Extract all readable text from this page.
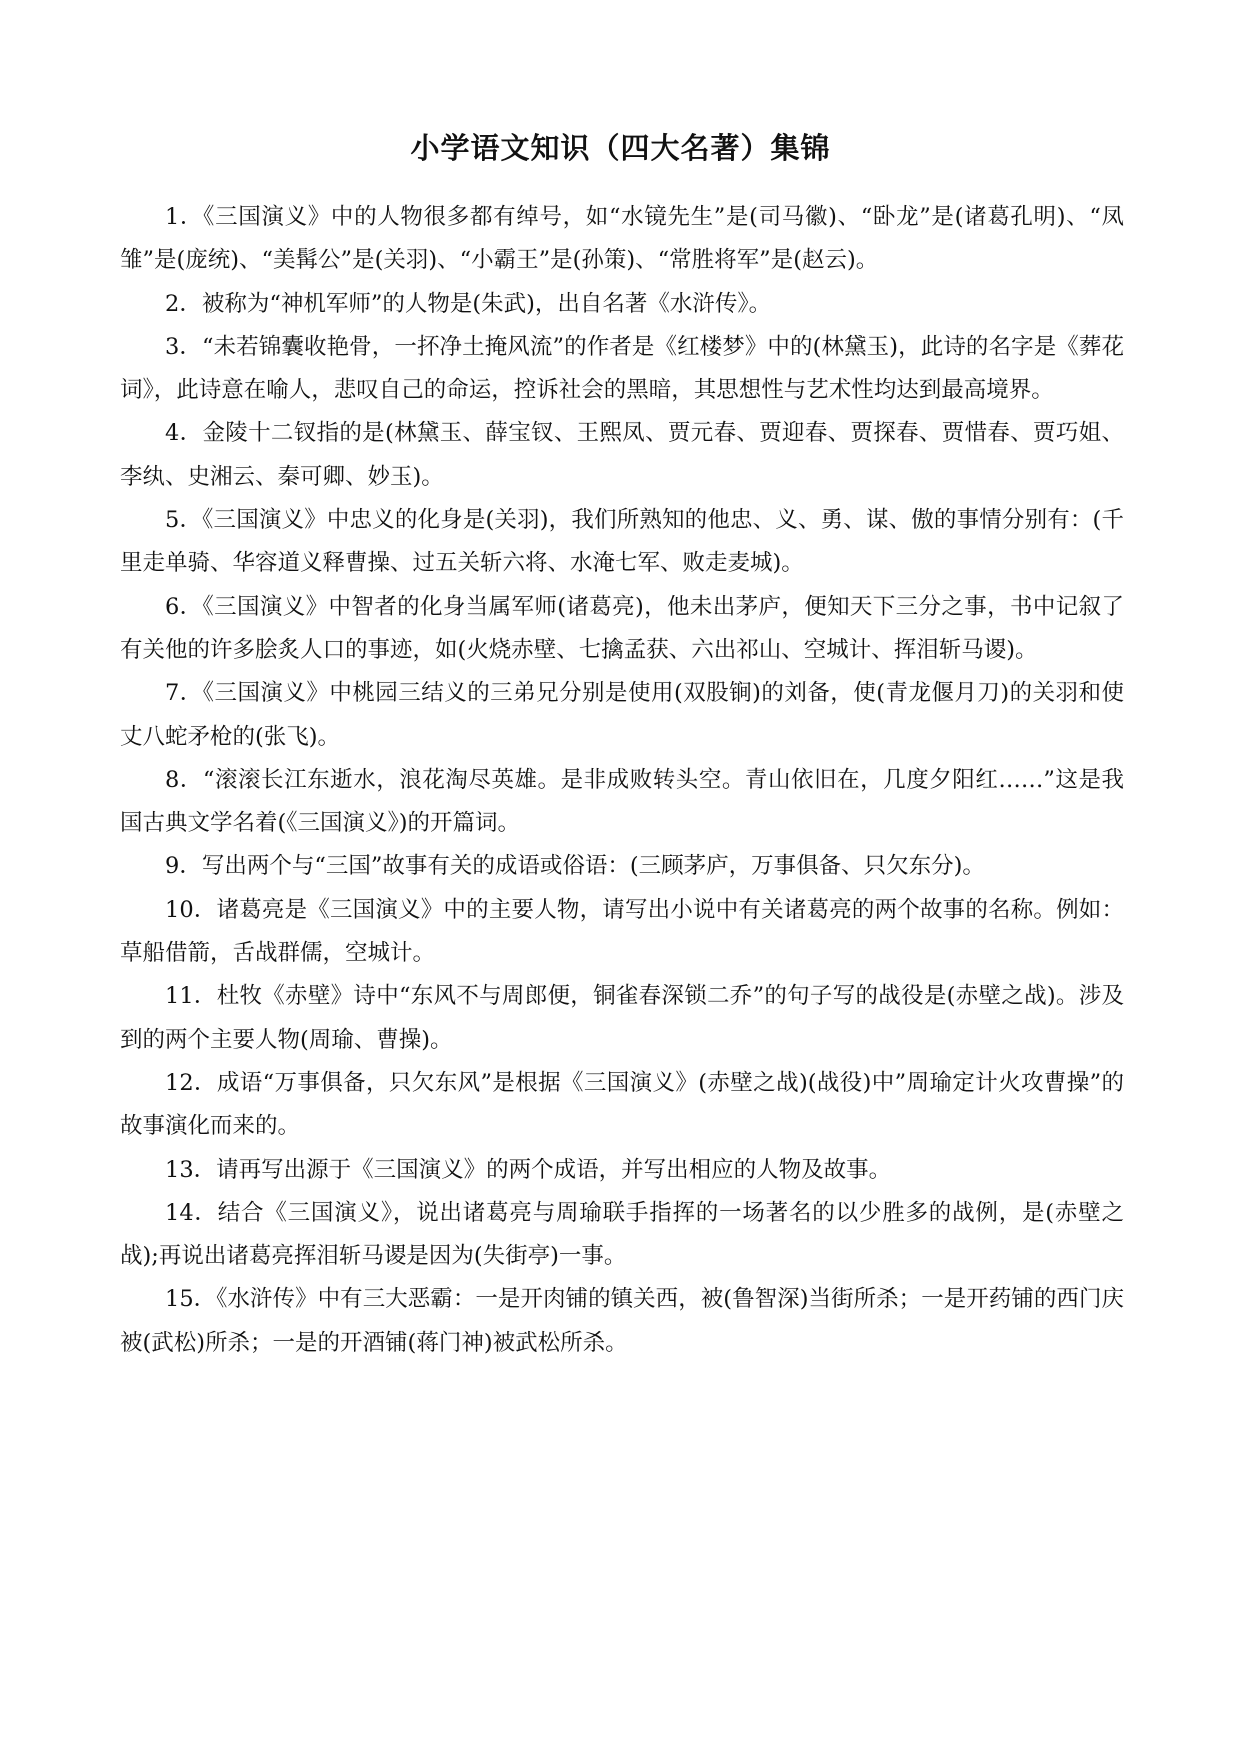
小学语文知识（四大名著）集锦

1．《三国演义》中的人物很多都有绰号，如“水镜先生”是(司马徽)、“卧龙”是(诸葛孔明)、“凤雏”是(庞统)、“美髯公”是(关羽)、“小霸王”是(孙策)、“常胜将军”是(赵云)。

2．被称为“神机军师”的人物是(朱武)，出自名著《水浒传》。

3．“未若锦囊收艳骨，一抔净土掩风流”的作者是《红楼梦》中的(林黛玉)，此诗的名字是《葬花词》，此诗意在喻人，悲叹自己的命运，控诉社会的黑暗，其思想性与艺术性均达到最高境界。

4．金陵十二钗指的是(林黛玉、薛宝钗、王熙凤、贾元春、贾迎春、贾探春、贾惜春、贾巧姐、李纨、史湘云、秦可卿、妙玉)。

5．《三国演义》中忠义的化身是(关羽)，我们所熟知的他忠、义、勇、谋、傲的事情分别有：(千里走单骑、华容道义释曹操、过五关斩六将、水淹七军、败走麦城)。

6．《三国演义》中智者的化身当属军师(诸葛亮)，他未出茅庐，便知天下三分之事，书中记叙了有关他的许多脍炙人口的事迹，如(火烧赤壁、七擒孟获、六出祁山、空城计、挥泪斩马谡)。

7．《三国演义》中桃园三结义的三弟兄分别是使用(双股锏)的刘备，使(青龙偃月刀)的关羽和使丈八蛇矛枪的(张飞)。

8．“滚滚长江东逝水，浪花淘尽英雄。是非成败转头空。青山依旧在，几度夕阳红……”这是我国古典文学名着(《三国演义》)的开篇词。

9．写出两个与“三国”故事有关的成语或俗语：(三顾茅庐，万事俱备、只欠东分)。

10．诸葛亮是《三国演义》中的主要人物，请写出小说中有关诸葛亮的两个故事的名称。例如：草船借箭，舌战群儒，空城计。

11．杜牧《赤壁》诗中“东风不与周郎便，铜雀春深锁二乔”的句子写的战役是(赤壁之战)。涉及到的两个主要人物(周瑜、曹操)。

12．成语“万事俱备，只欠东风”是根据《三国演义》(赤壁之战)(战役)中”周瑜定计火攻曹操”的故事演化而来的。

13．请再写出源于《三国演义》的两个成语，并写出相应的人物及故事。

14．结合《三国演义》，说出诸葛亮与周瑜联手指挥的一场著名的以少胜多的战例，是(赤壁之战);再说出诸葛亮挥泪斩马谡是因为(失街亭)一事。

15．《水浒传》中有三大恶霸：一是开肉铺的镇关西，被(鲁智深)当街所杀；一是开药铺的西门庆被(武松)所杀；一是的开酒铺(蒋门神)被武松所杀。
